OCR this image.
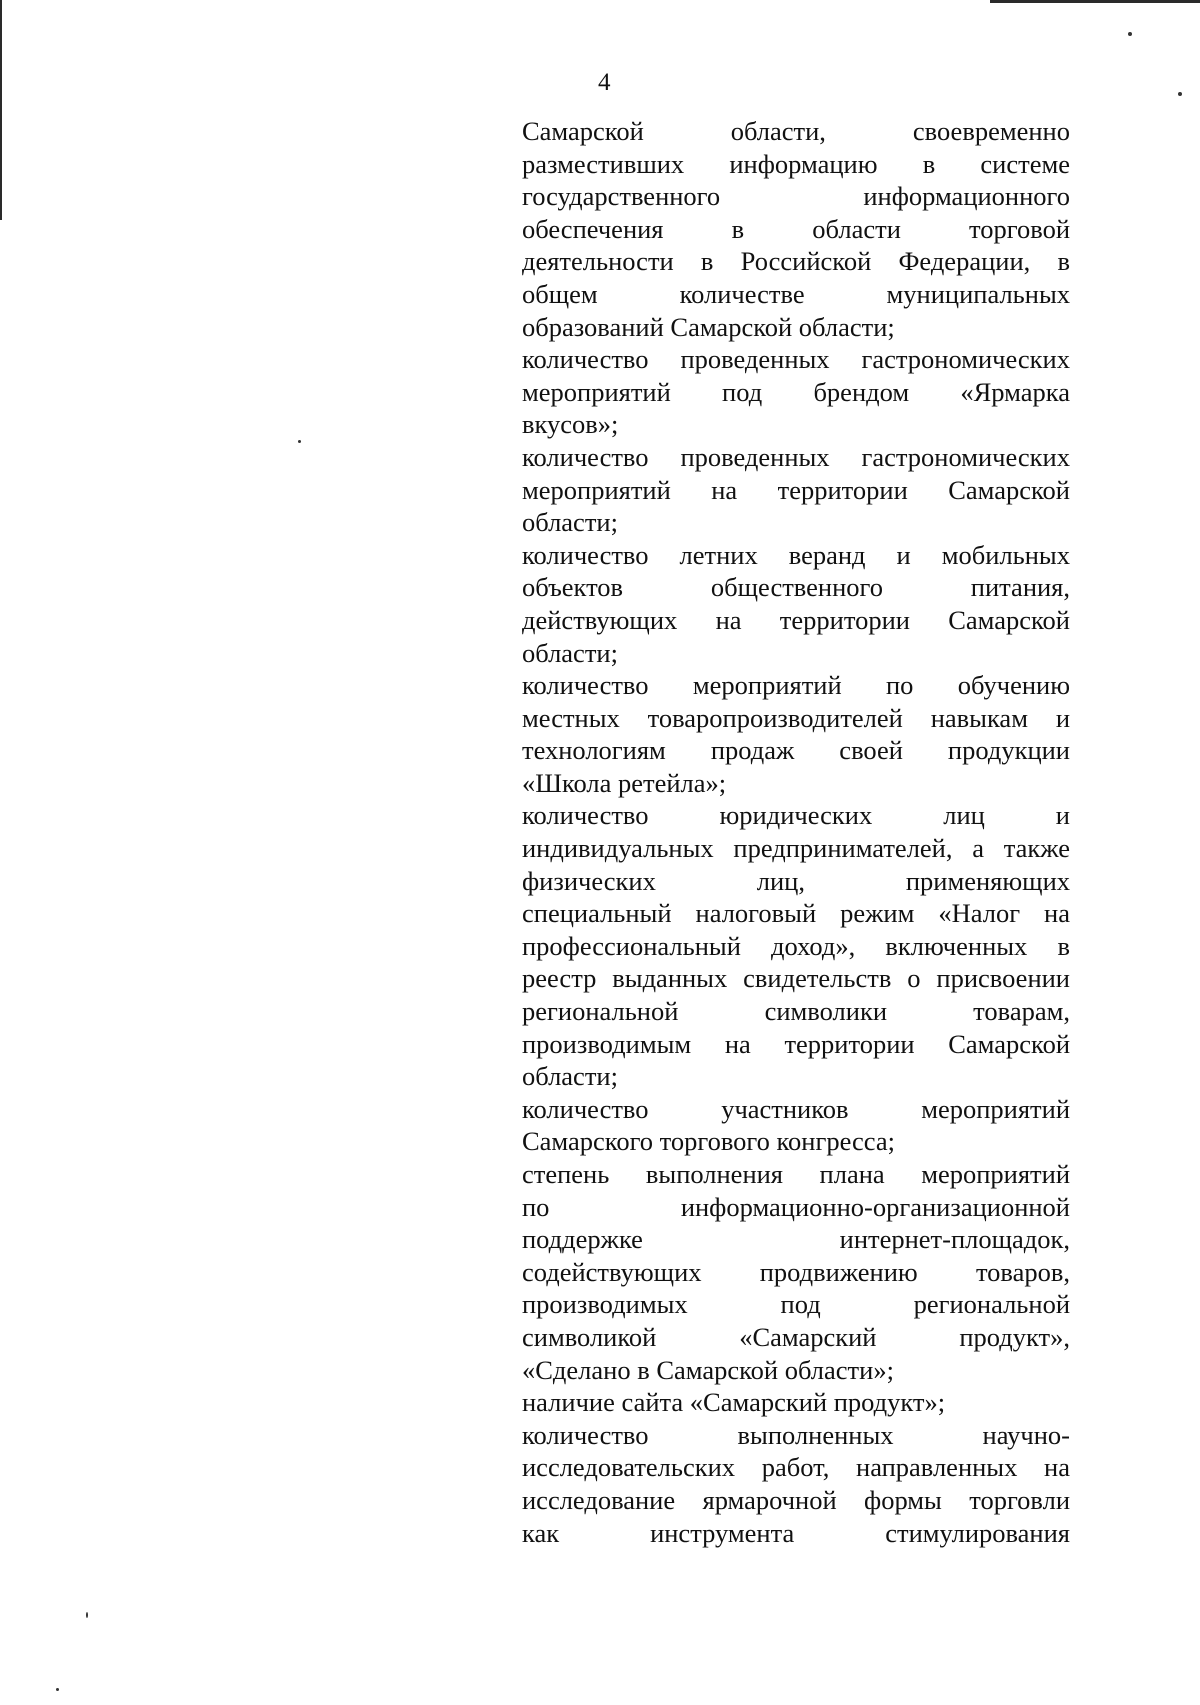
4
Самарской области, своевременно
разместивших информацию в системе
государственного информационного
обеспечения в области торговой
деятельности в Российской Федерации, в
общем количестве муниципальных
образований Самарской области;
количество проведенных гастрономических
мероприятий под брендом «Ярмарка
вкусов»;
количество проведенных гастрономических
мероприятий на территории Самарской
области;
количество летних веранд и мобильных
объектов общественного питания,
действующих на территории Самарской
области;
количество мероприятий по обучению
местных товаропроизводителей навыкам и
технологиям продаж своей продукции
«Школа ретейла»;
количество юридических лиц и
индивидуальных предпринимателей, а также
физических лиц, применяющих
специальный налоговый режим «Налог на
профессиональный доход», включенных в
реестр выданных свидетельств о присвоении
региональной символики товарам,
производимым на территории Самарской
области;
количество участников мероприятий
Самарского торгового конгресса;
степень выполнения плана мероприятий
по информационно-организационной
поддержке интернет-площадок,
содействующих продвижению товаров,
производимых под региональной
символикой «Самарский продукт»,
«Сделано в Самарской области»;
наличие сайта «Самарский продукт»;
количество выполненных научно-
исследовательских работ, направленных на
исследование ярмарочной формы торговли
как инструмента стимулирования
